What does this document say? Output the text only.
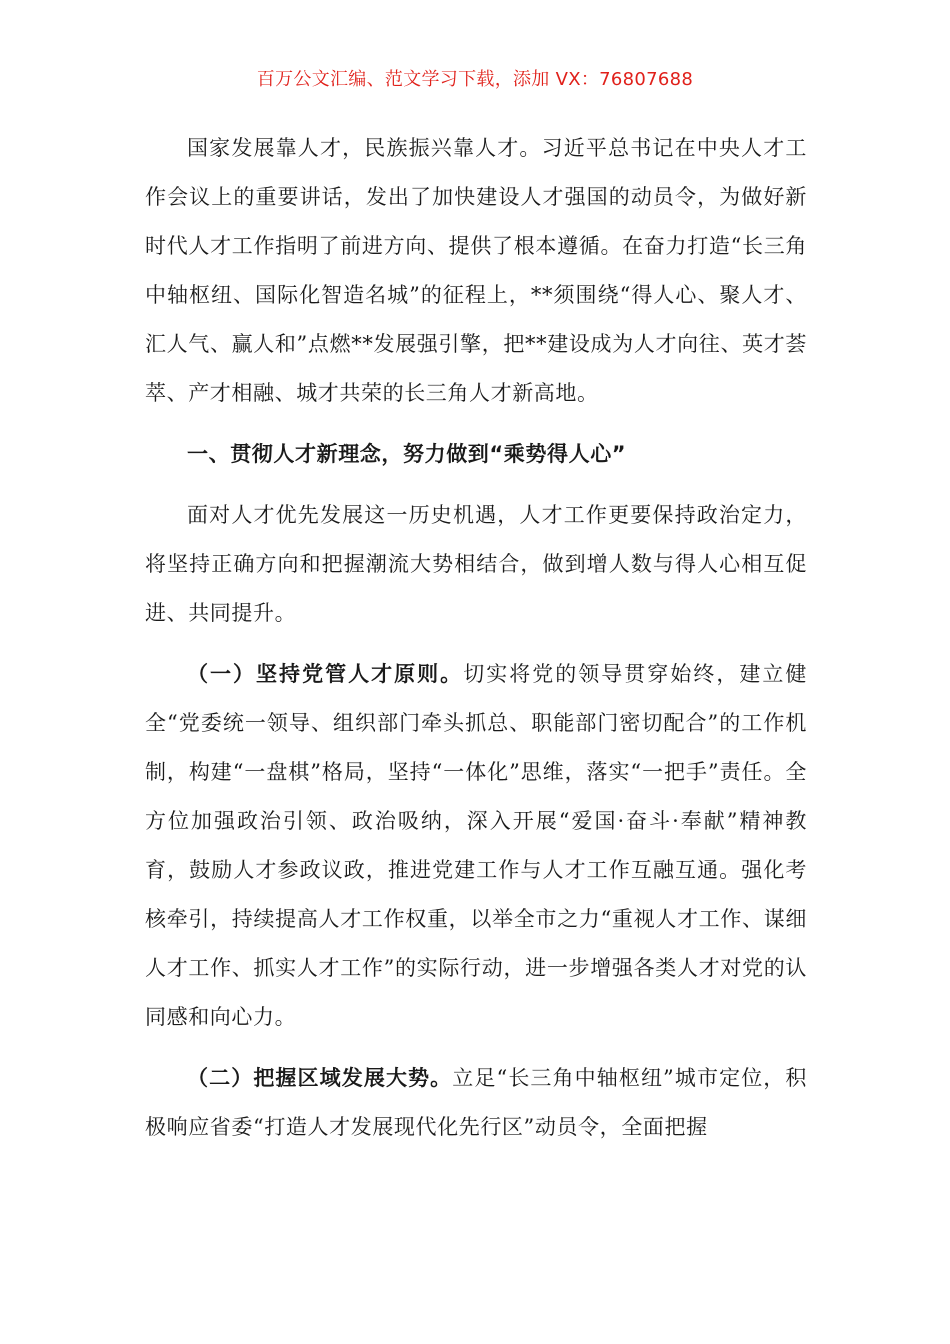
百万公文汇编、范文学习下载，添加 VX：76807688

国家发展靠人才，民族振兴靠人才。习近平总书记在中央人才工作会议上的重要讲话，发出了加快建设人才强国的动员令，为做好新时代人才工作指明了前进方向、提供了根本遵循。在奋力打造“长三角中轴枢纽、国际化智造名城”的征程上，**须围绕“得人心、聚人才、汇人气、赢人和”点燃**发展强引擎，把**建设成为人才向往、英才荟萃、产才相融、城才共荣的长三角人才新高地。

一、贯彻人才新理念，努力做到“乘势得人心”

面对人才优先发展这一历史机遇，人才工作更要保持政治定力，将坚持正确方向和把握潮流大势相结合，做到增人数与得人心相互促进、共同提升。

（一）坚持党管人才原则。切实将党的领导贯穿始终，建立健全“党委统一领导、组织部门牵头抓总、职能部门密切配合”的工作机制，构建“一盘棋”格局，坚持“一体化”思维，落实“一把手”责任。全方位加强政治引领、政治吸纳，深入开展“爱国·奋斗·奉献”精神教育，鼓励人才参政议政，推进党建工作与人才工作互融互通。强化考核牵引，持续提高人才工作权重，以举全市之力“重视人才工作、谋细人才工作、抓实人才工作”的实际行动，进一步增强各类人才对党的认同感和向心力。

（二）把握区域发展大势。立足“长三角中轴枢纽”城市定位，积极响应省委“打造人才发展现代化先行区”动员令，全面把握
